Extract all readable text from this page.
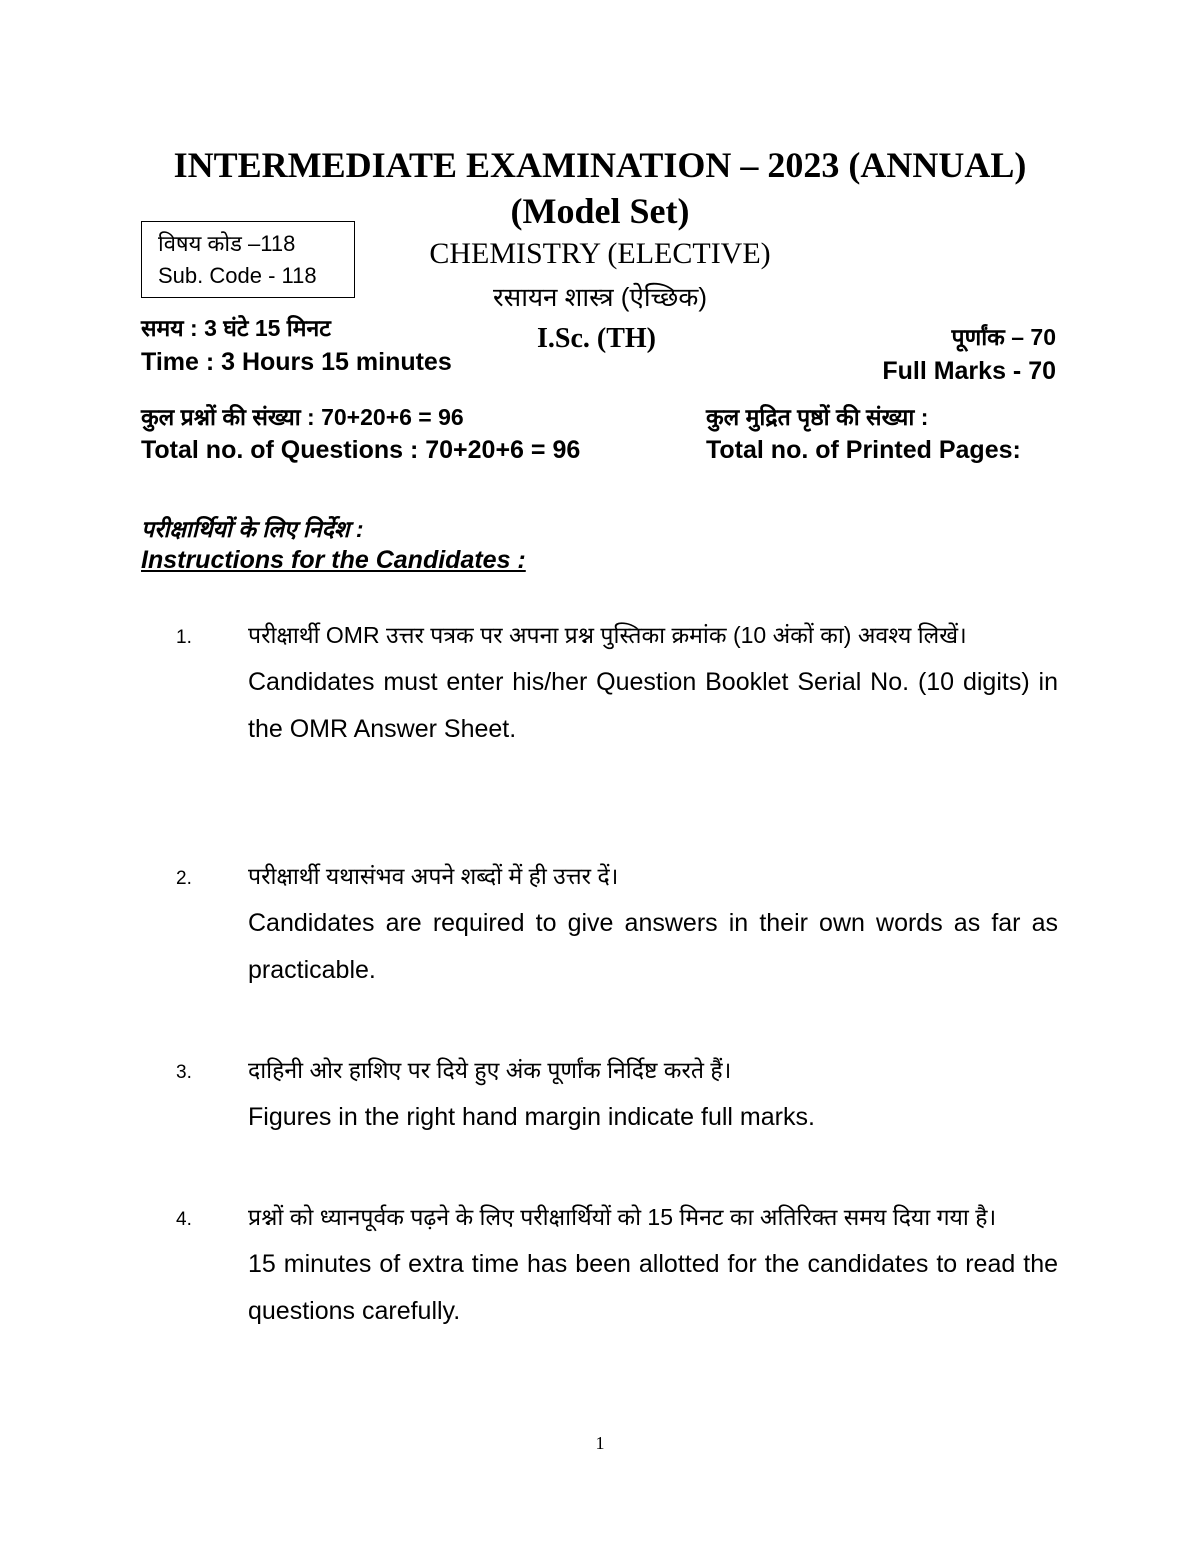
INTERMEDIATE EXAMINATION – 2023 (ANNUAL)
(Model Set)
विषय कोड –118
Sub. Code - 118
CHEMISTRY (ELECTIVE)
रसायन शास्त्र (ऐच्छिक)
समय : 3 घंटे 15 मिनट
Time : 3 Hours 15 minutes
I.Sc. (TH)	पूर्णांक – 70
Full Marks - 70
कुल प्रश्नों की संख्या : 70+20+6 = 96
Total no. of Questions : 70+20+6 = 96
कुल मुद्रित पृष्ठों की संख्या :
Total no. of Printed Pages:
परीक्षार्थियों के लिए निर्देश :
Instructions for the Candidates :
1. परीक्षार्थी OMR उत्तर पत्रक पर अपना प्रश्न पुस्तिका क्रमांक (10 अंकों का) अवश्य लिखें।

Candidates must enter his/her Question Booklet Serial No. (10 digits) in the OMR Answer Sheet.

2. परीक्षार्थी यथासंभव अपने शब्दों में ही उत्तर दें।

Candidates are required to give answers in their own words as far as practicable.

3. दाहिनी ओर हाशिए पर दिये हुए अंक पूर्णांक निर्दिष्ट करते हैं।

Figures in the right hand margin indicate full marks.

4. प्रश्नों को ध्यानपूर्वक पढ़ने के लिए परीक्षार्थियों को 15 मिनट का अतिरिक्त समय दिया गया है।

15 minutes of extra time has been allotted for the candidates to read the questions carefully.

1
